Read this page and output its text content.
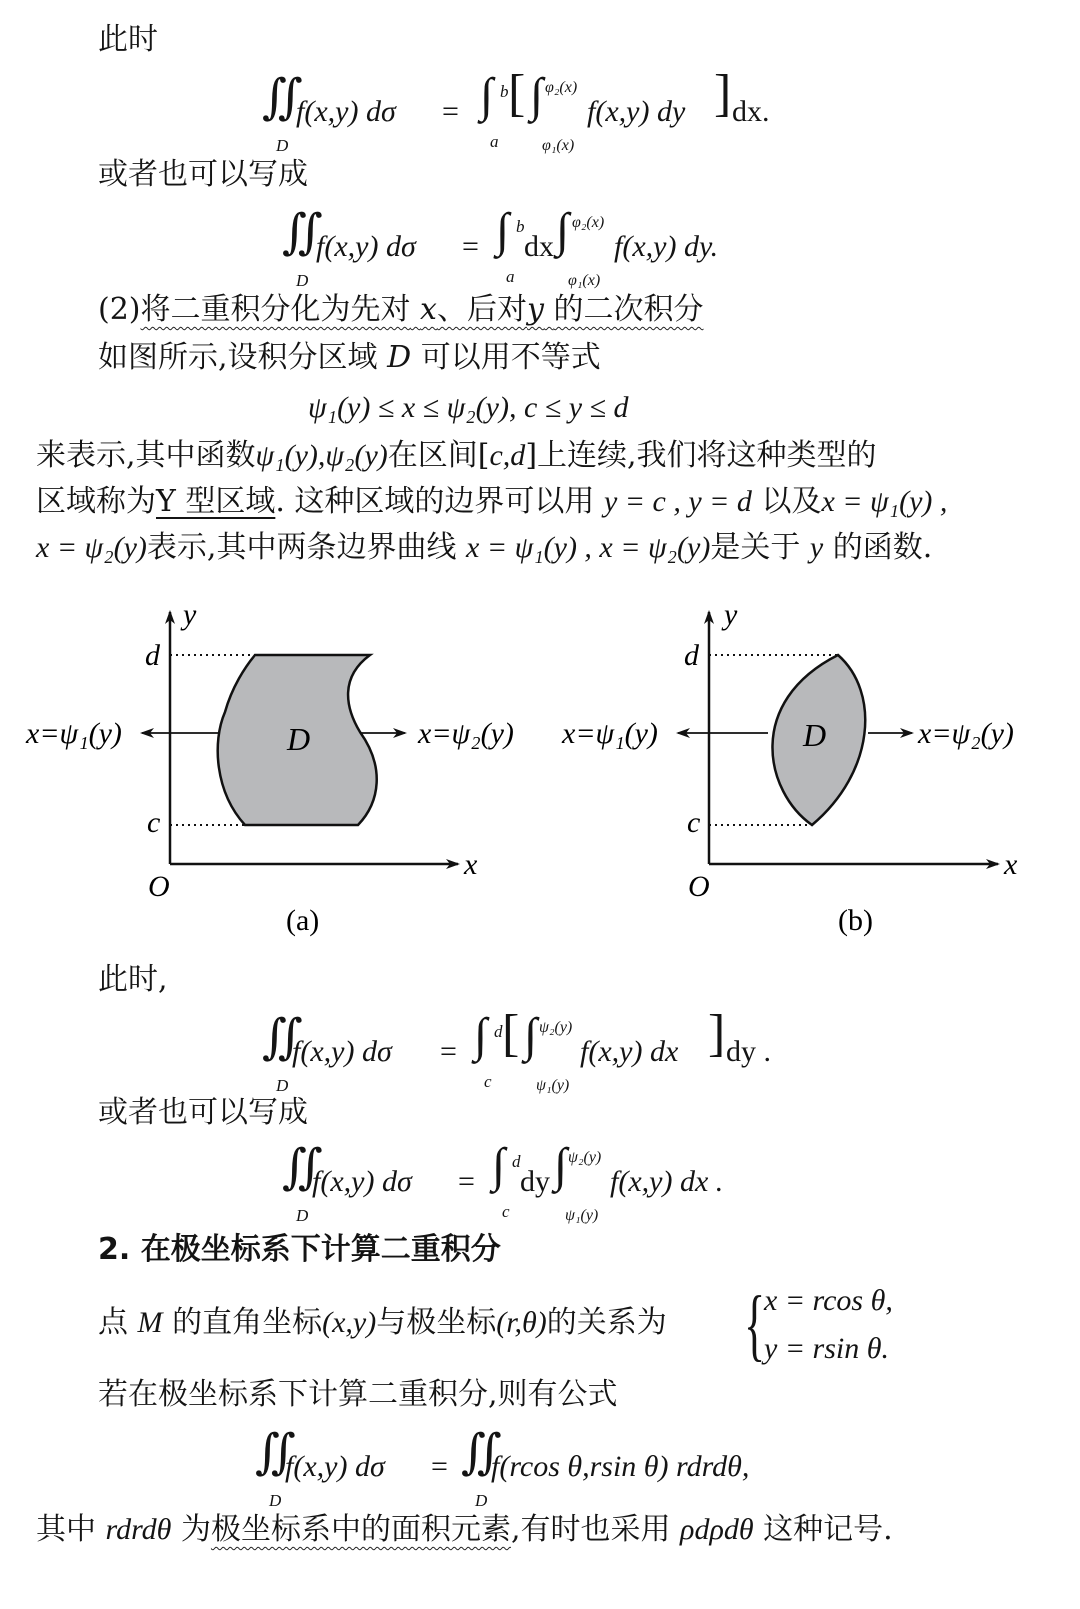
此时
∬
D
f(x,y) dσ = ∫ b
a
[ ∫ φ₂(x)
φ₁(x)
f(x,y) dy ] dx.
或者也可以写成
∬
D
f(x,y) dσ = ∫ b
a
dx ∫ φ₂(x)
φ₁(x)
f(x,y) dy.
(2)将二重积分化为先对 x、后对y 的二次积分
如图所示,设积分区域 D 可以用不等式
ψ₁(y) ≤ x ≤ ψ₂(y), c ≤ y ≤ d
来表示,其中函数ψ₁(y),ψ₂(y)在区间[c,d]上连续,我们将这种类型的
区域称为Y 型区域. 这种区域的边界可以用 y = c , y = d 以及x = ψ₁(y) ,
x = ψ₂(y)表示,其中两条边界曲线 x = ψ₁(y) , x = ψ₂(y)是关于 y 的函数.
y
x
O
d
c
D
x=ψ₁(y)	x=ψ₂(y)
(a)
y
x
O
d
c
D
x=ψ₁(y)	x=ψ₂(y)
(b)
此时,
∬
D
f(x,y) dσ = ∫ d
c
[ ∫ ψ₂(y)
ψ₁(y)
f(x,y) dx ] dy .
或者也可以写成
∬
D
f(x,y) dσ = ∫ d
c
dy ∫ ψ₂(y)
ψ₁(y)
f(x,y) dx .
2. 在极坐标系下计算二重积分
点 M 的直角坐标(x,y)与极坐标(r,θ)的关系为 {
x = rcos θ,
y = rsin θ.
若在极坐标系下计算二重积分,则有公式
∬
D
f(x,y) dσ = ∬
D
f(rcos θ,rsin θ) rdrdθ,
其中 rdrdθ 为极坐标系中的面积元素,有时也采用 ρdρdθ 这种记号.
